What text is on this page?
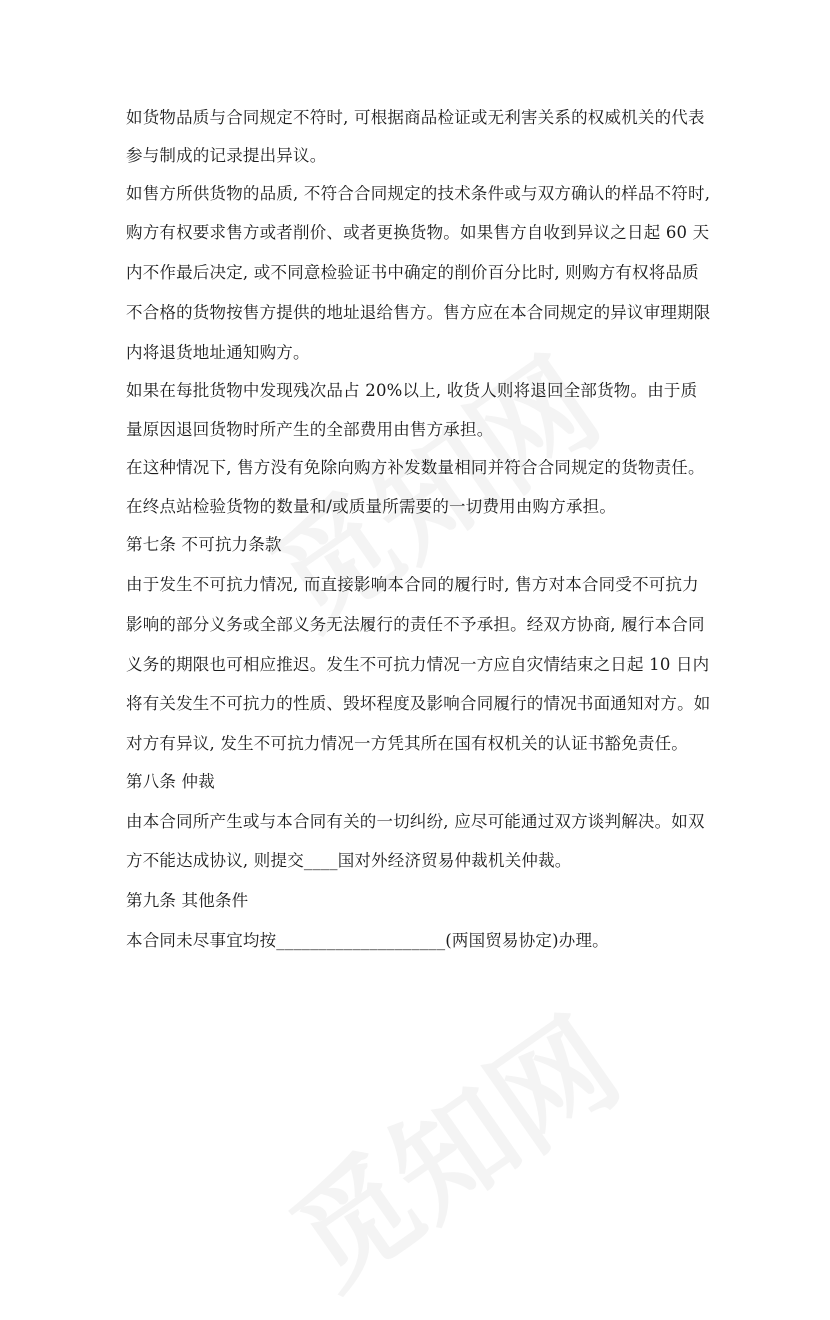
如货物品质与合同规定不符时, 可根据商品检证或无利害关系的权威机关的代表
参与制成的记录提出异议。
如售方所供货物的品质, 不符合合同规定的技术条件或与双方确认的样品不符时,
购方有权要求售方或者削价、或者更换货物。如果售方自收到异议之日起 60 天
内不作最后决定, 或不同意检验证书中确定的削价百分比时, 则购方有权将品质
不合格的货物按售方提供的地址退给售方。售方应在本合同规定的异议审理期限
内将退货地址通知购方。
如果在每批货物中发现残次品占 20%以上, 收货人则将退回全部货物。由于质
量原因退回货物时所产生的全部费用由售方承担。
在这种情况下, 售方没有免除向购方补发数量相同并符合合同规定的货物责任。
在终点站检验货物的数量和/或质量所需要的一切费用由购方承担。
第七条 不可抗力条款
由于发生不可抗力情况, 而直接影响本合同的履行时, 售方对本合同受不可抗力
影响的部分义务或全部义务无法履行的责任不予承担。经双方协商, 履行本合同
义务的期限也可相应推迟。发生不可抗力情况一方应自灾情结束之日起 10 日内
将有关发生不可抗力的性质、毁坏程度及影响合同履行的情况书面通知对方。如
对方有异议, 发生不可抗力情况一方凭其所在国有权机关的认证书豁免责任。
第八条 仲裁
由本合同所产生或与本合同有关的一切纠纷, 应尽可能通过双方谈判解决。如双
方不能达成协议, 则提交____国对外经济贸易仲裁机关仲裁。
第九条 其他条件
本合同未尽事宜均按____________________(两国贸易协定)办理。
